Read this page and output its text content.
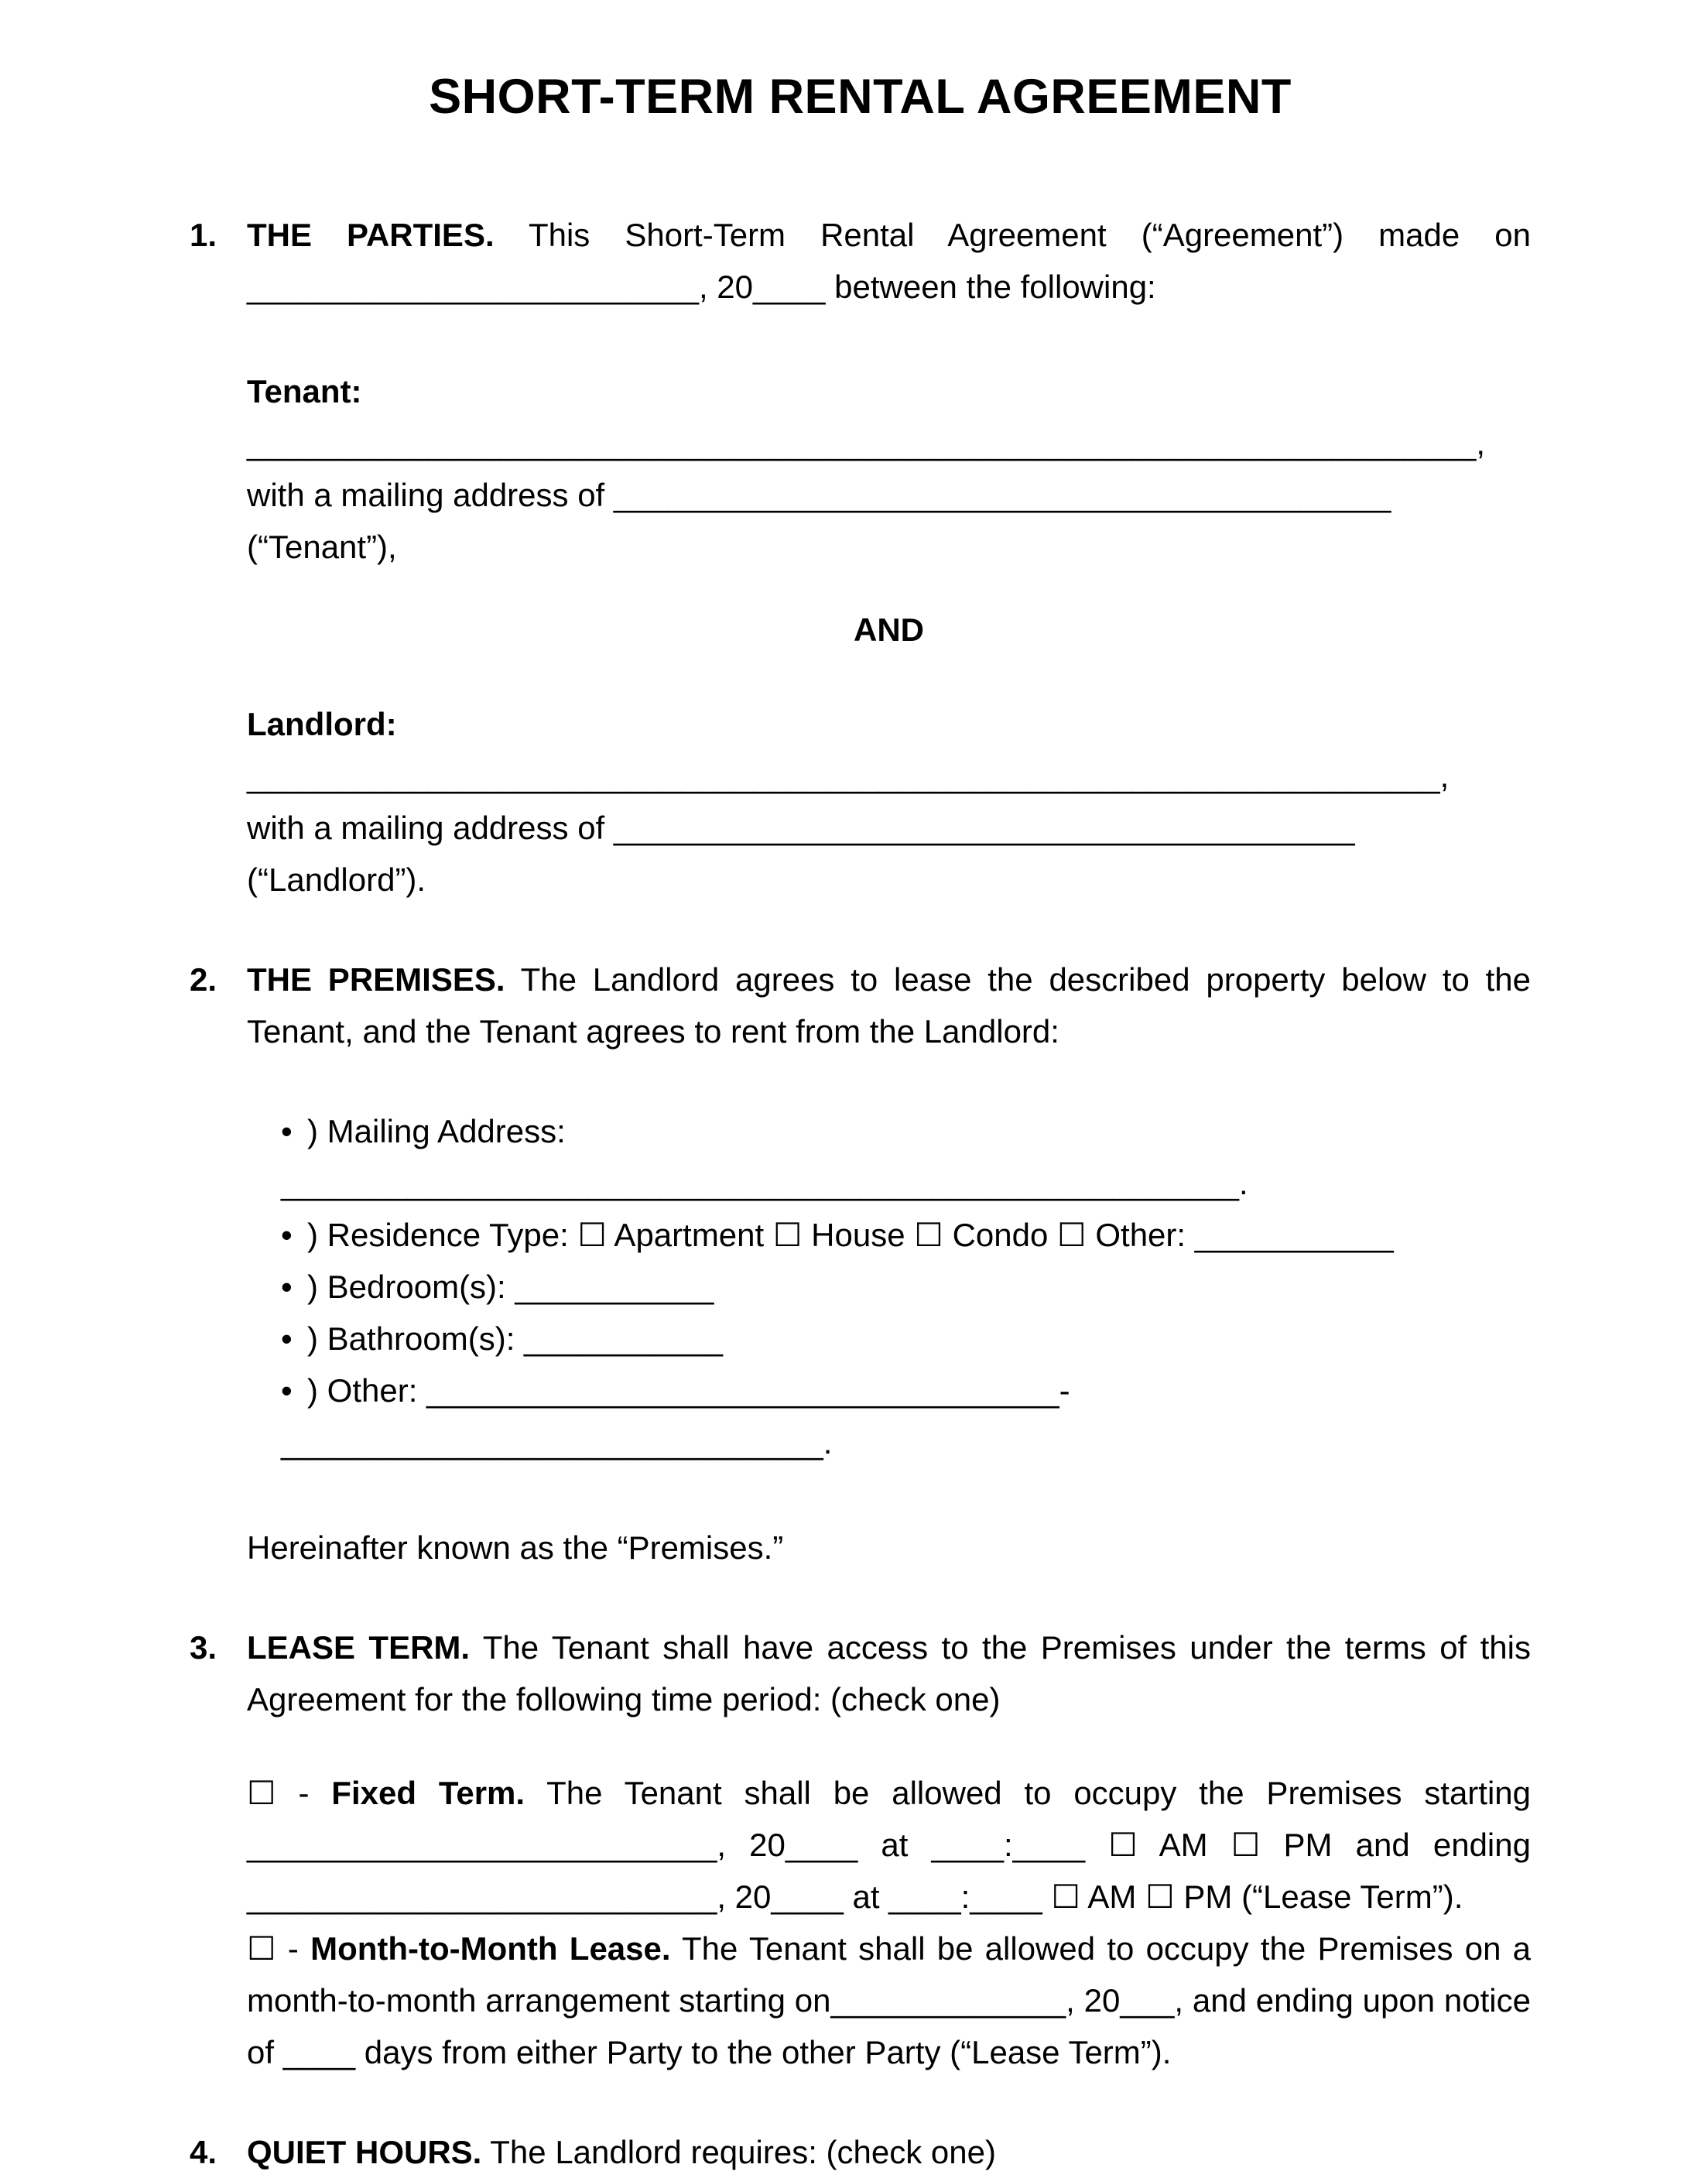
SHORT-TERM RENTAL AGREEMENT
1. THE PARTIES. This Short-Term Rental Agreement (“Agreement”) made on _________________________, 20____ between the following:

Tenant: ____________________________________________________________________,
with a mailing address of ___________________________________________ (“Tenant”),

AND

Landlord: __________________________________________________________________,
with a mailing address of _________________________________________ (“Landlord”).

2. THE PREMISES. The Landlord agrees to lease the described property below to the Tenant, and the Tenant agrees to rent from the Landlord:

• ) Mailing Address: _____________________________________________________.
• ) Residence Type: ☐ Apartment ☐ House ☐ Condo ☐ Other: ___________
• ) Bedroom(s): ___________
• ) Bathroom(s): ___________
• ) Other: ___________________________________-______________________________.

Hereinafter known as the “Premises.”

3. LEASE TERM. The Tenant shall have access to the Premises under the terms of this Agreement for the following time period: (check one)

☐ - Fixed Term. The Tenant shall be allowed to occupy the Premises starting __________________________, 20____ at ____:____ ☐ AM ☐ PM and ending __________________________, 20____ at ____:____ ☐ AM ☐ PM (“Lease Term”).

☐ - Month-to-Month Lease. The Tenant shall be allowed to occupy the Premises on a month-to-month arrangement starting on_____________, 20___, and ending upon notice of ____ days from either Party to the other Party (“Lease Term”).

4. QUIET HOURS. The Landlord requires: (check one)
